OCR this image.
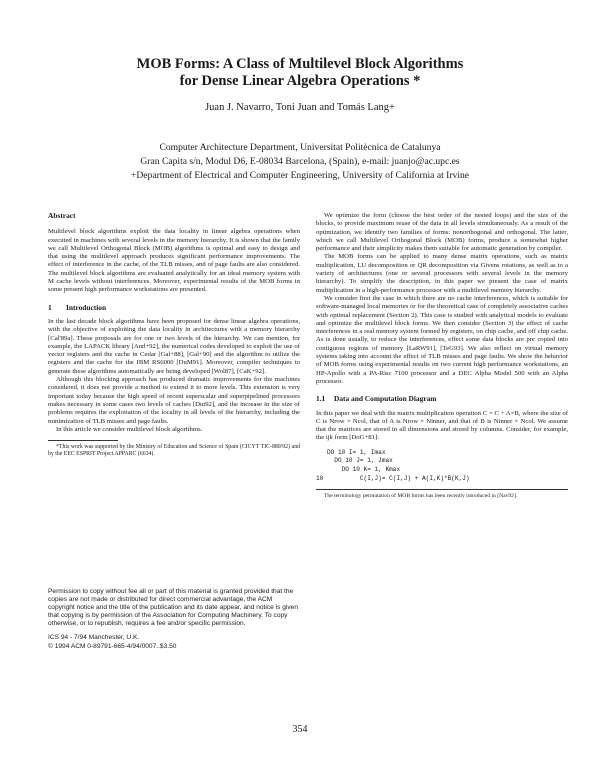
MOB Forms: A Class of Multilevel Block Algorithms
for Dense Linear Algebra Operations *
Juan J. Navarro, Toni Juan and Tomás Lang+
Computer Architecture Department, Universitat Politècnica de Catalunya
Gran Capita s/n, Modul D6, E-08034 Barcelona, (Spain), e-mail: juanjo@ac.upc.es
+Department of Electrical and Computer Engineering, University of California at Irvine
Abstract

Multilevel block algorithms exploit the data locality in linear algebra operations when executed in machines with several levels in the memory hierarchy. It is shown that the family we call Multilevel Orthogonal Block (MOB) algorithms is optimal and easy to design and that using the multilevel approach produces significant performance improvements. The effect of interference in the cache, of the TLB misses, and of page faults are also considered. The multilevel block algorithms are evaluated analytically for an ideal memory system with M cache levels without interferences. Moreover, experimental results of the MOB forms in some present high performance workstations are presented.

1 Introduction

In the last decade block algorithms have been proposed for dense linear algebra operations, with the objective of exploiting the data locality in architectures with a memory hierarchy [Cal'89a]. These proposals are for one or two levels of the hierarchy. We can mention, for example, the LAPACK library [And+92], the numerical codes developed to exploit the use of vector registers and the cache in Cedar [Gal+88], [Gal+90] and the algorithm to utilize the registers and the cache for the IBM RS6000 [DuM91]. Moreover, compiler techniques to generate these algorithms automatically are being developed [Wol87], [CaK+92].

Although this blocking approach has produced dramatic improvements for the machines considered, it does not provide a method to extend it to more levels. This extension is very important today because the high speed of recent superscalar and superpipelined processors makes necessary in some cases two levels of caches [Dut92], and the increase in the size of problems requires the exploitation of the locality in all levels of the hierarchy, including the minimization of TLB misses and page faults.

In this article we consider multilevel block algorithms.

*This work was supported by the Ministry of Education and Science of Spain (CICYT TIC-880/92) and by the EEC ESPRIT Project APPARC (6634).

Permission to copy without fee all or part of this material is granted provided that the copies are not made or distributed for direct commercial advantage, the ACM copyright notice and the title of the publication and its date appear, and notice is given that copying is by permission of the Association for Computing Machinery. To copy otherwise, or to republish, requires a fee and/or specific permission.

ICS 94 - 7/94 Manchester, U.K.

© 1994 ACM 0-89791-665-4/94/0007..$3.50

We optimize the form (choose the best order of the nested loops) and the size of the blocks, to provide maximum reuse of the data in all levels simultaneously. As a result of the optimization, we identify two families of forms: nonorthogonal and orthogonal. The latter, which we call Multilevel Orthogonal Block (MOB) forms, produce a somewhat higher performance and their simplicity makes them suitable for automatic generation by compiler.

The MOB forms can be applied to many dense matrix operations, such as matrix multiplication, LU decomposition or QR decomposition via Givens rotations, as well as to a variety of architectures (one or several processors with several levels in the memory hierarchy). To simplify the description, in this paper we present the case of matrix multiplication in a high-performance processor with a multilevel memory hierarchy.

We consider first the case in which there are no cache interferences, which is suitable for software-managed local memories or for the theoretical case of completely associative caches with optimal replacement (Section 2). This case is studied with analytical models to evaluate and optimize the multilevel block forms. We then consider (Section 3) the effect of cache interferences in a real memory system formed by registers, on chip cache, and off chip cache. As is done usually, to reduce the interferences, effect some data blocks are pre copied into contiguous regions of memory [LaRW91], [TeG93]. We also reflect on virtual memory systems taking into account the effect of TLB misses and page faults. We show the behavior of MOB forms using experimental results on two current high performance workstations, an HP-Apollo with a PA-Risc 7100 processor and a DEC Alpha Model 500 with an Alpha processor.

1.1 Data and Computation Diagram

In this paper we deal with the matrix multiplication operation C = C + A×B, where the size of C is Nrow × Ncol, that of A is Nrow × Ninner, and that of B is Ninner × Ncol. We assume that the matrices are stored in all dimensions and stored by columns. Consider, for example, the ijk form [DoG+81]:

DO 10 I= 1, Imax
DO 10 J= 1, Jmax
DO 10 K= 1, Kmax
10          C(I,J)= C(I,J) + A(I,K)*B(K,J)

The terminology permutation of MOB forms has been recently introduced in [Nav92].

354
